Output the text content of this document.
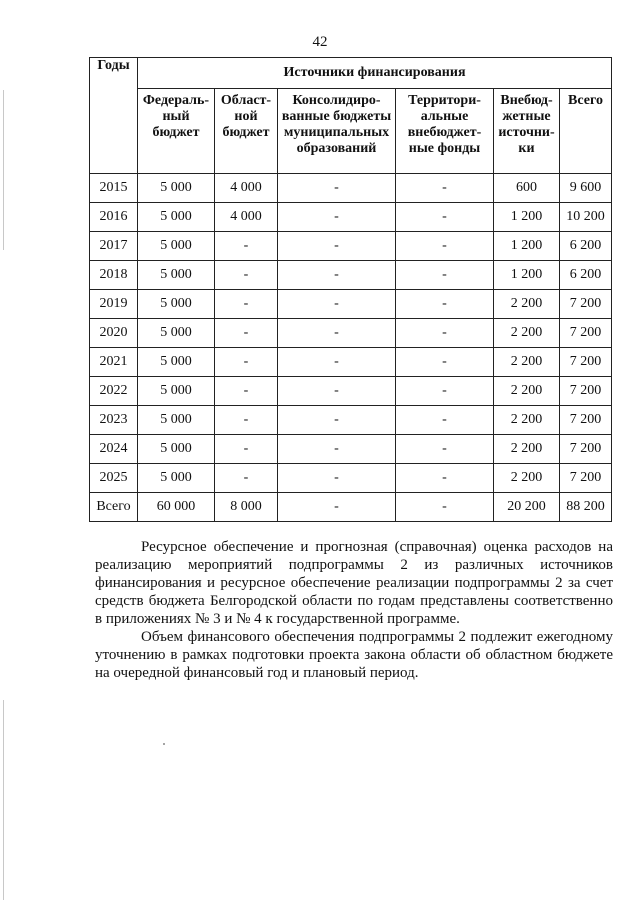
42
Годы	Источники финансирования					
	Федераль-ный бюджет	Област-ной бюджет	Консолидиро-ванные бюджеты муниципальных образований	Территори-альные внебюджет-ные фонды	Внебюд-жетные источни-ки	Всего
2015	5 000	4 000	-	-	600	9 600
2016	5 000	4 000	-	-	1 200	10 200
2017	5 000	-	-	-	1 200	6 200
2018	5 000	-	-	-	1 200	6 200
2019	5 000	-	-	-	2 200	7 200
2020	5 000	-	-	-	2 200	7 200
2021	5 000	-	-	-	2 200	7 200
2022	5 000	-	-	-	2 200	7 200
2023	5 000	-	-	-	2 200	7 200
2024	5 000	-	-	-	2 200	7 200
2025	5 000	-	-	-	2 200	7 200
Всего	60 000	8 000	-	-	20 200	88 200

Ресурсное обеспечение и прогнозная (справочная) оценка расходов на реализацию мероприятий подпрограммы 2 из различных источников финансирования и ресурсное обеспечение реализации подпрограммы 2 за счет средств бюджета Белгородской области по годам представлены соответственно в приложениях № 3 и № 4 к государственной программе.

Объем финансового обеспечения подпрограммы 2 подлежит ежегодному уточнению в рамках подготовки проекта закона области об областном бюджете на очередной финансовый год и плановый период.
